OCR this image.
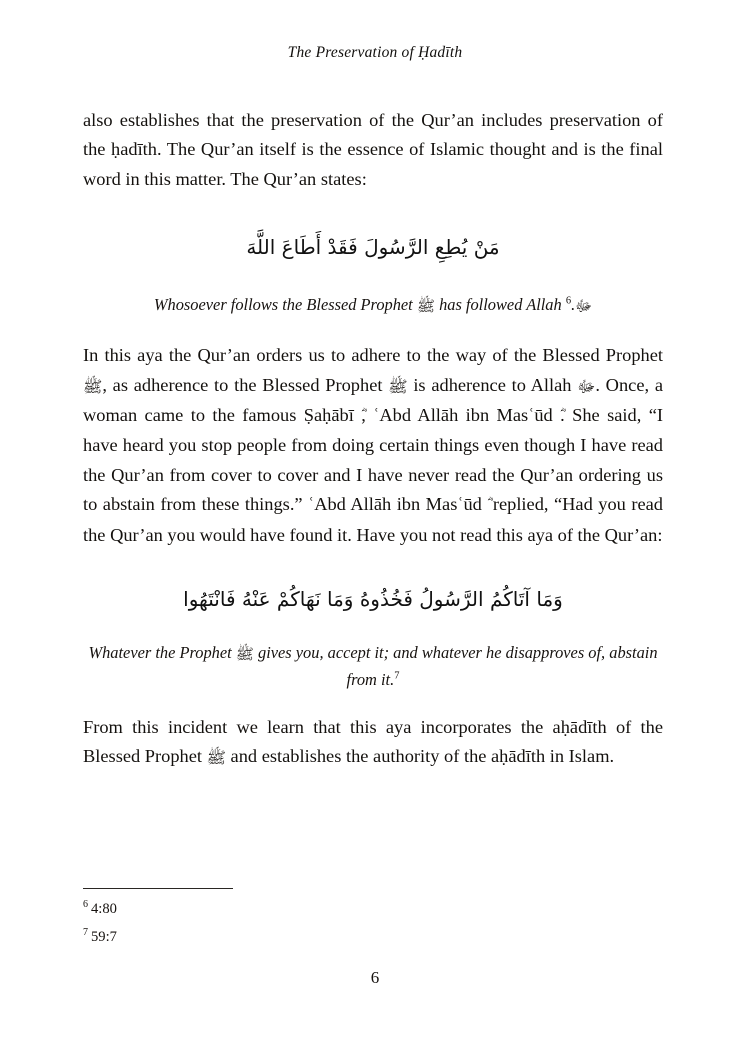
The Preservation of Ḥadīth

also establishes that the preservation of the Qur’an includes preservation of the ḥadīth. The Qur’an itself is the essence of Islamic thought and is the final word in this matter. The Qur’an states:

مَنْ يُطِعِ الرَّسُولَ فَقَدْ أَطَاعَ اللَّهَ

Whosoever follows the Blessed Prophet ﷺ has followed Allah ﷻ.$^6$

In this aya the Qur’an orders us to adhere to the way of the Blessed Prophet ﷺ, as adherence to the Blessed Prophet ﷺ is adherence to Allah ﷻ. Once, a woman came to the famous Ṣaḥābī , ʿAbd Allāh ibn Masʿūd . She said, “I have heard you stop people from doing certain things even though I have read the Qur’an from cover to cover and I have never read the Qur’an ordering us to abstain from these things.” ʿAbd Allāh ibn Masʿūd replied, “Had you read the Qur’an you would have found it. Have you not read this aya of the Qur’an:

وَمَا آتَاكُمُ الرَّسُولُ فَخُذُوهُ وَمَا نَهَاكُمْ عَنْهُ فَانْتَهُوا

Whatever the Prophet ﷺ gives you, accept it; and whatever he disapproves of, abstain from it.$^7$

From this incident we learn that this aya incorporates the aḥādīth of the Blessed Prophet ﷺ and establishes the authority of the aḥādīth in Islam.

$^6$ 4:80

$^7$ 59:7

6
